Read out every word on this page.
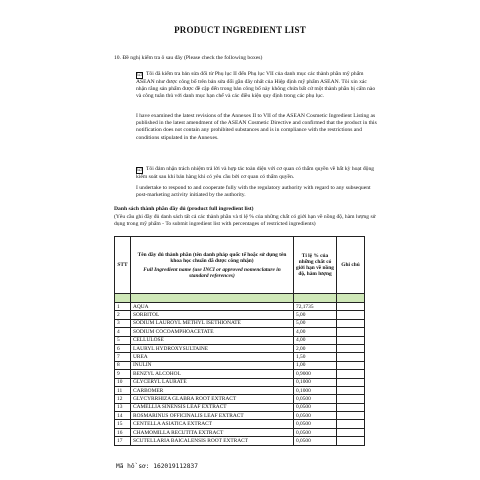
PRODUCT INGREDIENT LIST
10. Đề nghị kiểm tra ô sau đây (Please check the following boxes)
☑ Tôi đã kiểm tra bản sửa đổi từ Phụ lục II đến Phụ lục VII của danh mục các thành phần mỹ phẩm ASEAN như được công bố trên bản sửa đổi gần đây nhất của Hiệp định mỹ phẩm ASEAN. Tôi xin xác nhận rằng sản phẩm được đề cập đến trong bản công bố này không chứa bất cứ một thành phần bị cấm nào và công tuân thủ với danh mục hạn chế và các điều kiện quy định trong các phụ lục.
I have examined the latest revisions of the Annexes II to VII of the ASEAN Cosmetic Ingredient Listing as published in the latest amendment of the ASEAN Cosmetic Directive and confirmed that the product in this notification does not contain any prohibited substances and is in compliance with the restrictions and conditions stipulated in the Annexes.
☑ Tôi đảm nhận trách nhiệm trả lời và hợp tác toàn diện với cơ quan có thẩm quyền về bất kỳ hoạt động kiểm soát sau khi bán hàng khi có yêu cầu bởi cơ quan có thẩm quyền.
I undertake to respond to and cooperate fully with the regulatory authority with regard to any subsequent post-marketing activity initiated by the authority.
Danh sách thành phần đầy đủ (product full ingredient list)
(Yêu cầu ghi đầy đủ danh sách tất cả các thành phần và tỉ lệ % của những chất có giới hạn về nồng độ, hàm lượng sử dụng trong mỹ phẩm - To submit ingredient list with percentages of restricted ingredients)
STT	Tên đầy đủ thành phần (tên danh pháp quốc tế hoặc sử dụng tên khoa học chuẩn đã được công nhận)
Full Ingredient name (use INCI or approved nomenclature in standard references)	Tỉ lệ % của những chất có giới hạn về nồng độ, hàm lượng	Ghi chú

1	AQUA	72,1735	
2	SORBITOL	5,00	
3	SODIUM LAUROYL METHYL ISETHIONATE	5,00	
4	SODIUM COCOAMPHOACETATE	4,00	
5	CELLULOSE	4,00	
6	LAURYL HYDROXYSULTAINE	2,00	
7	UREA	1,50	
8	INULIN	1,00	
9	BENZYL ALCOHOL	0,9000	
10	GLYCERYL LAURATE	0,1000	
11	CARBOMER	0,1000	
12	GLYCYRRHIZA GLABRA ROOT EXTRACT	0,0500	
13	CAMELLIA SINENSIS LEAF EXTRACT	0,0500	
14	ROSMARINUS OFFICINALIS LEAF EXTRACT	0,0500	
15	CENTELLA ASIATICA EXTRACT	0,0500	
16	CHAMOMILLA RECUTITA EXTRACT	0,0500	
17	SCUTELLARIA BAICALENSIS ROOT EXTRACT	0,0500	
Mã hồ sơ: 162019112837
